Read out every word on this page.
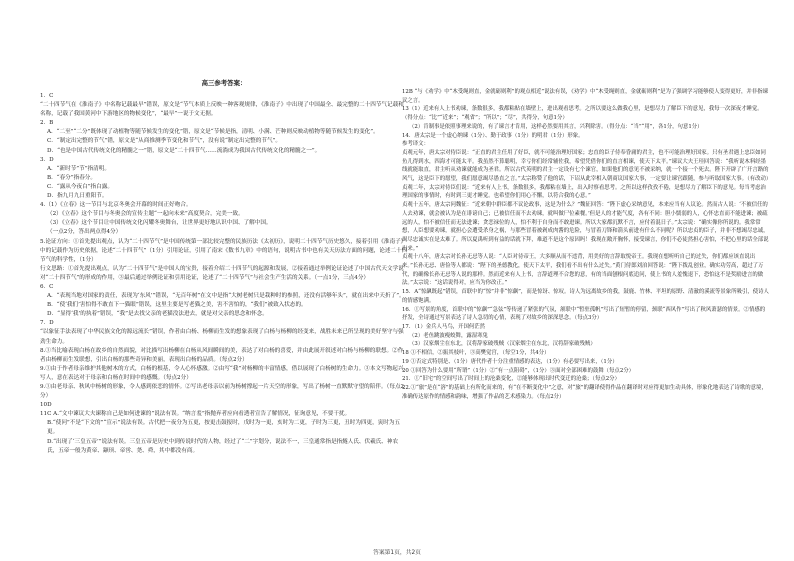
高三参考答案：

1．C

“二十四节气在《淮南子》中名称记载最早”错误，原文是“节气本质上反映一种客观规律，《淮南子》中出现了中国最全、最完整的二十四节气记载和名称，记载了我国黄河中下游地区的物候变化”，“最早”一说于文无据。

2．B

A．“二至”“二分”既体现了动植物等随节候发生的变化”错，原文是“节候是指，清明、小满、芒种则反映动植物等随节候发生的变化”。

C．“制定出完整的节气”错，原文是“从商推测季节变化和节气”，没有说“制定出完整的节气”。

D．“也是中国古代传统文化的精髓之一”错，原文是“二十四节气……流淌成为我国古代传统文化的精髓之一”。

3．D

A．“新时节”节”指清明。

B．“春分”指春分。

C．“露从今夜白”指白露。

D．指九月九日重阳节。

4.（1）《立春》这一节目与北京冬奥会开幕的时间正好吻合。

（2）《立春》这个节目与冬奥会的宣传主题“一起向未来”高度契合，完美一致。

（3）《立春》这个节目让中国传统文化闪耀冬奥舞台，让世界更好地认识中国、了解中国。

（一点2分，答出两点得4分）

5.论证方向：①首先提出观点，认为“二十四节气”是中国传统第一部比较完整的民族历法《太初历》，说明二十四节气历史悠久，接着引用《淮南子》中的记载作为历史依据，论述“二十四节气”（1分）引用论证，引用了南宋《数书九章》中的语句，说明古书中也有关天历法方面的问题，论述二十四节气的科学性，（1分）

行文思路：①首先提出观点，认为“二十四节气”是中国人的宝贵，接着介绍二十四节气的起源和发展，②接着通过举例论证论述了中国古代天文学说对“二十四节气”的形成的作用，③最后通过举例论证和引用论证，论述了“二十四节气”与社会生产生活的关系。（一点1分，三点4分）

6．C

A．“表现当地对国家的责任，表现为‘东风’”错误，“无百年树”在文中是指“大树老树只是栽种时的参照，还没有活够年头”，就在出来中天折了”。

B．“使‘我们’害怕得不敢直下一猫眼”错误，这里主要是写老猫之美，害不害怕的，“我们”被致入状态的。

D．“显得‘我’的执着”错误，“我”是去找父亲的老猫没法进去，就是对父亲的思念和怀念。

7．D

“以象征手法表现了中华民族文化的源远流长”错误，作者由白杨、杨柳而生发的想象表现了白杨与杨柳的经变来，战胜未来已所呈现的美好坚守与强劲生命力。

8.①当比喻表现白杨在故乡的自然面貌，对比描写出杨柳在白杨从风间瞬间的美，表达了对白杨的喜爱，并由此展开叙述对白杨与杨柳的联想。②作者由杨柳而生发联想，引出白杨的那些奇异和美丽，表现出白杨的品质。（每点2分）

9.①由于作者母亲维护其他树木的方式，白杨的根基，令人心怀感激。②由写“我”对杨柳的丰富情感，借以展现了白杨树的生命力。③本文写物起兴写人，意在表达对于母亲和白杨在时间中的感慨。（每点2分）

9.①由老母亲、秋风中杨树的形象，令人感到依恋的情怀。②写出老母亲以前为杨树撑起一片天空的形象，写出了杨树一直默默守望的陪伴。（每点2分）

10D

11C A.“文中谏议大夫谏称自己是如何进谏的”说法有误。“纳言羞”指抛弃者应向看透者宣告了解情况，征询意见，不要干扰。

B.“使问”不是“下文的”“宣示”说法有误。古代把一夜分为五更，按更击鼓报时，戊时为一更，亥时为二更，子时为三更，丑时为四更，寅时为五更。

D.“出现了‘三皇五帝’”说法有误。三皇五帝是历史中到传说时代的人物，经过了“二”字划分，说法不一，三皇通常指是指燧人氏、伏羲氏、神农氏，五帝一般为黄帝、颛顼、帝喾、尧、舜，其中都没有商。

12B “与《劝学》中“木受绳则直，金就砺则利”的观点相近”说法有误，《劝学》中“木受绳则直，金就砺则利”是为了强调学习能够使人变得更好，并非指谏议之言。

13（1）近来有人上书劝谏，条数很多，我都粘贴在墙壁上，进出观看思考。之所以要这么做我心里，是想尽力了解臣下的意见，我每一次深夜才睡觉。（得分点：“比”“近来”；“观省”；“所以”；“尽”，共得分，句意1分）

（2）肯制事是依照事理来说的，有了谏言才肯用，这样必然要用其言，兴利除害。（得分点：“当”“用”，各1分，句意1分）

14．唐太宗是一个虚心纳谏（1分）、勤于政事（1分）的明君（1分）形象。

参考译文：

贞观元年，唐太宗对侍臣说：“正直的君主任用了好臣，就不可能治理好国家；忠直的臣子侍奉昏庸的君主，也不可能治理好国家。只有圣君遇上忠臣如同鱼儿得到水，四海才可能太平。我虽然不算聪明，幸亏你们经常辅佐我，希望凭借你们的直言相谏，使天下太平。”谏议大夫王珪回答说：“我听说木料经墨线就能取直，君主听从劝谏就能成为圣君。所以古代英明的君主一定设有七个谏官，如果他们的意见不被采纳，就一个接一个死去。陛下开辟了广开言路的风气，这是臣下的愿望，我们愿意竭尽愚直之言。”太宗称赞了他的话，下诏从此宰相入朝商议国家大事，一定要让谏官跟随，参与听取国家大事。（有改动）

贞观二年，太宗对侍臣们说：“近来有人上书，条数很多，我都粘在墙上，出入时察看思考。之所以这样孜孜不倦，是想尽力了解臣下的意见。每当考虑治理国家的事情时，有时到三更才睡觉。也希望你们用心不懈，以符合我的心意。”

贞观十五年，唐太宗问魏征：“近来朝中群臣都不议论政事，这是为什么？”魏征回答：“陛下虚心采纳意见，本来应当有人议论。然而古人说：‘不被信任的人去劝谏，就会被认为是在诽谤自己；已被信任而不去劝谏，就叫做尸位素餐。’但是人的才能气度，各有不同：胆小懦弱的人，心怀忠直而不能进谏；被疏远的人，怕不被信任而无法进谏；贪恋禄位的人，怕不利于自身而不敢进谏。所以大家都沉默不言，应付着混日子。”太宗说：“确实像你所说的。我常常想，人臣想要劝谏，就担心会遭受杀身之祸，与那些冒着被剁成肉酱的危险，与冒着刀锋和箭头前进有什么不同呢？所以忠贞的臣子，并非不想竭尽忠诚，竭尽忠诚实在是太难了。所以夏禹听到有益的话就下拜，难道不是这个原因吗！我现在敞开胸怀，接受谏言，你们不必徒然担心害怕，不把心里的话全部说出来。”

贞观十八年，唐太宗对长孙无忌等人说：“人臣对待帝王，大多顺从而不违背，用美好的言辞取悦帝王。我现在想听听自己的过失，你们都应该直说出来。”长孙无忌、唐俭等人都说：“陛下的圣德教化，使天下太平，我们看不出有什么过失。”黄门侍郎刘洎回答说：“陛下拨乱创业，确实功劳高，超过了万代，的确像长孙无忌等人说的那样。然而近来有人上书，言辞道理不合您的意，有的当面刨根问底追问，使上书的人羞愧退下，恐怕这不是奖励进言的做法。”太宗说：“这话说得对，应当为你改正。”

15．A“惊飙既起”错误，首联中的“惊”并非“惊飙”，而是惊讶、惊叹。诗人为远离故乡的我，鼓鹿、竹林、平坦的原野、清澈的溪流等景象所吸引，使诗人的情感饱满。

16．①写景的角度，首联中的“惊飙”“急弦”等传递了紧张的气氛，颔联中“暂驻孤帆”写出了短暂的停留，颈联“西风作”写出了秋风萧瑟的情景。②情感的抒发，全诗通过写景表达了诗人急切的心情，表现了对故乡的深深思念。（每点3分）

17．（1）金兵人马鸟，开国何茫然

（2）老鱼跳波瘦蛟舞，露湿寒兔

（3）汉家烟尘在东北，汉将辞家破残贼（汉家烟尘在东北，汉将辞家破残贼）

18 ①不相信，②振其枝叶，③高樊觉宫，（每空1分，共4分）

19 ①否定式特别是、（1分）唐代作者十分注重情感的表达，（1分）有必要写出来，（1分）

20 ①回答为什么要用“所谓”（1分）②“有一点阻碍”，（1分）③面对全部困难的鼓舞（每点2分）

21．①“旧宅”的空间写出了时间上的沧桑变化，②能够体现出时代变迁的沧桑；（每点2分）

22.①“旅”是在“溶”的基础上有所化而来的，有“在不断变化中”之意，对“旅”的翻译使得作品在翻译时对应得更加生动具体，形象化地表达了诗歌的意境，准确传达原作的情感和韵味，增强了作品的艺术感染力。（每点2分）

答案第1页，共2页
